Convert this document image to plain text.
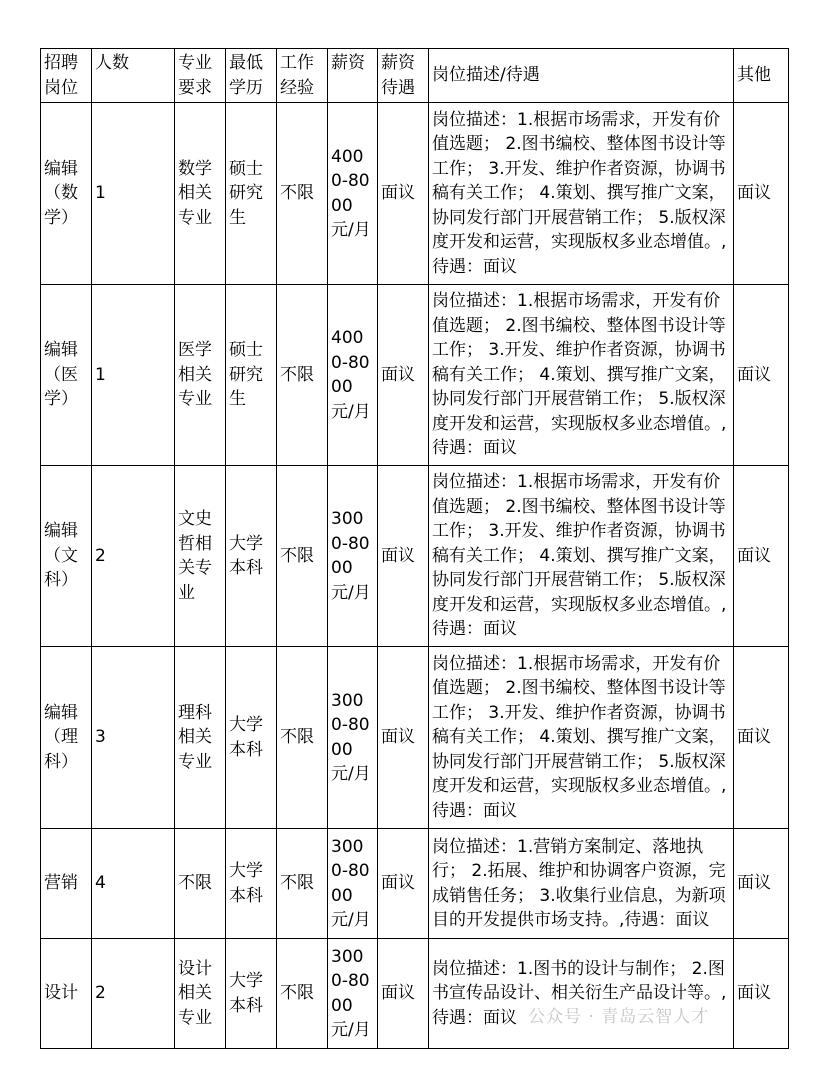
招聘岗位	人数	专业要求	最低学历	工作经验	薪资	薪资待遇	岗位描述/待遇	其他
编辑（数学）	1	数学相关专业	硕士研究生	不限	4000-8000元/月	面议	岗位描述：1.根据市场需求，开发有价值选题； 2.图书编校、整体图书设计等工作； 3.开发、维护作者资源，协调书稿有关工作； 4.策划、撰写推广文案，协同发行部门开展营销工作； 5.版权深度开发和运营，实现版权多业态增值。,待遇：面议	面议
编辑（医学）	1	医学相关专业	硕士研究生	不限	4000-8000元/月	面议	岗位描述：1.根据市场需求，开发有价值选题； 2.图书编校、整体图书设计等工作； 3.开发、维护作者资源，协调书稿有关工作； 4.策划、撰写推广文案，协同发行部门开展营销工作； 5.版权深度开发和运营，实现版权多业态增值。,待遇：面议	面议
编辑（文科）	2	文史哲相关专业	大学本科	不限	3000-8000元/月	面议	岗位描述：1.根据市场需求，开发有价值选题； 2.图书编校、整体图书设计等工作； 3.开发、维护作者资源，协调书稿有关工作； 4.策划、撰写推广文案，协同发行部门开展营销工作； 5.版权深度开发和运营，实现版权多业态增值。,待遇：面议	面议
编辑（理科）	3	理科相关专业	大学本科	不限	3000-8000元/月	面议	岗位描述：1.根据市场需求，开发有价值选题； 2.图书编校、整体图书设计等工作； 3.开发、维护作者资源，协调书稿有关工作； 4.策划、撰写推广文案，协同发行部门开展营销工作； 5.版权深度开发和运营，实现版权多业态增值。,待遇：面议	面议
营销	4	不限	大学本科	不限	3000-8000元/月	面议	岗位描述：1.营销方案制定、落地执行； 2.拓展、维护和协调客户资源，完成销售任务； 3.收集行业信息，为新项目的开发提供市场支持。,待遇：面议	面议
设计	2	设计相关专业	大学本科	不限	3000-8000元/月	面议	岗位描述：1.图书的设计与制作； 2.图书宣传品设计、相关衍生产品设计等。,待遇：面议	面议
公众号 · 青岛云智人才
